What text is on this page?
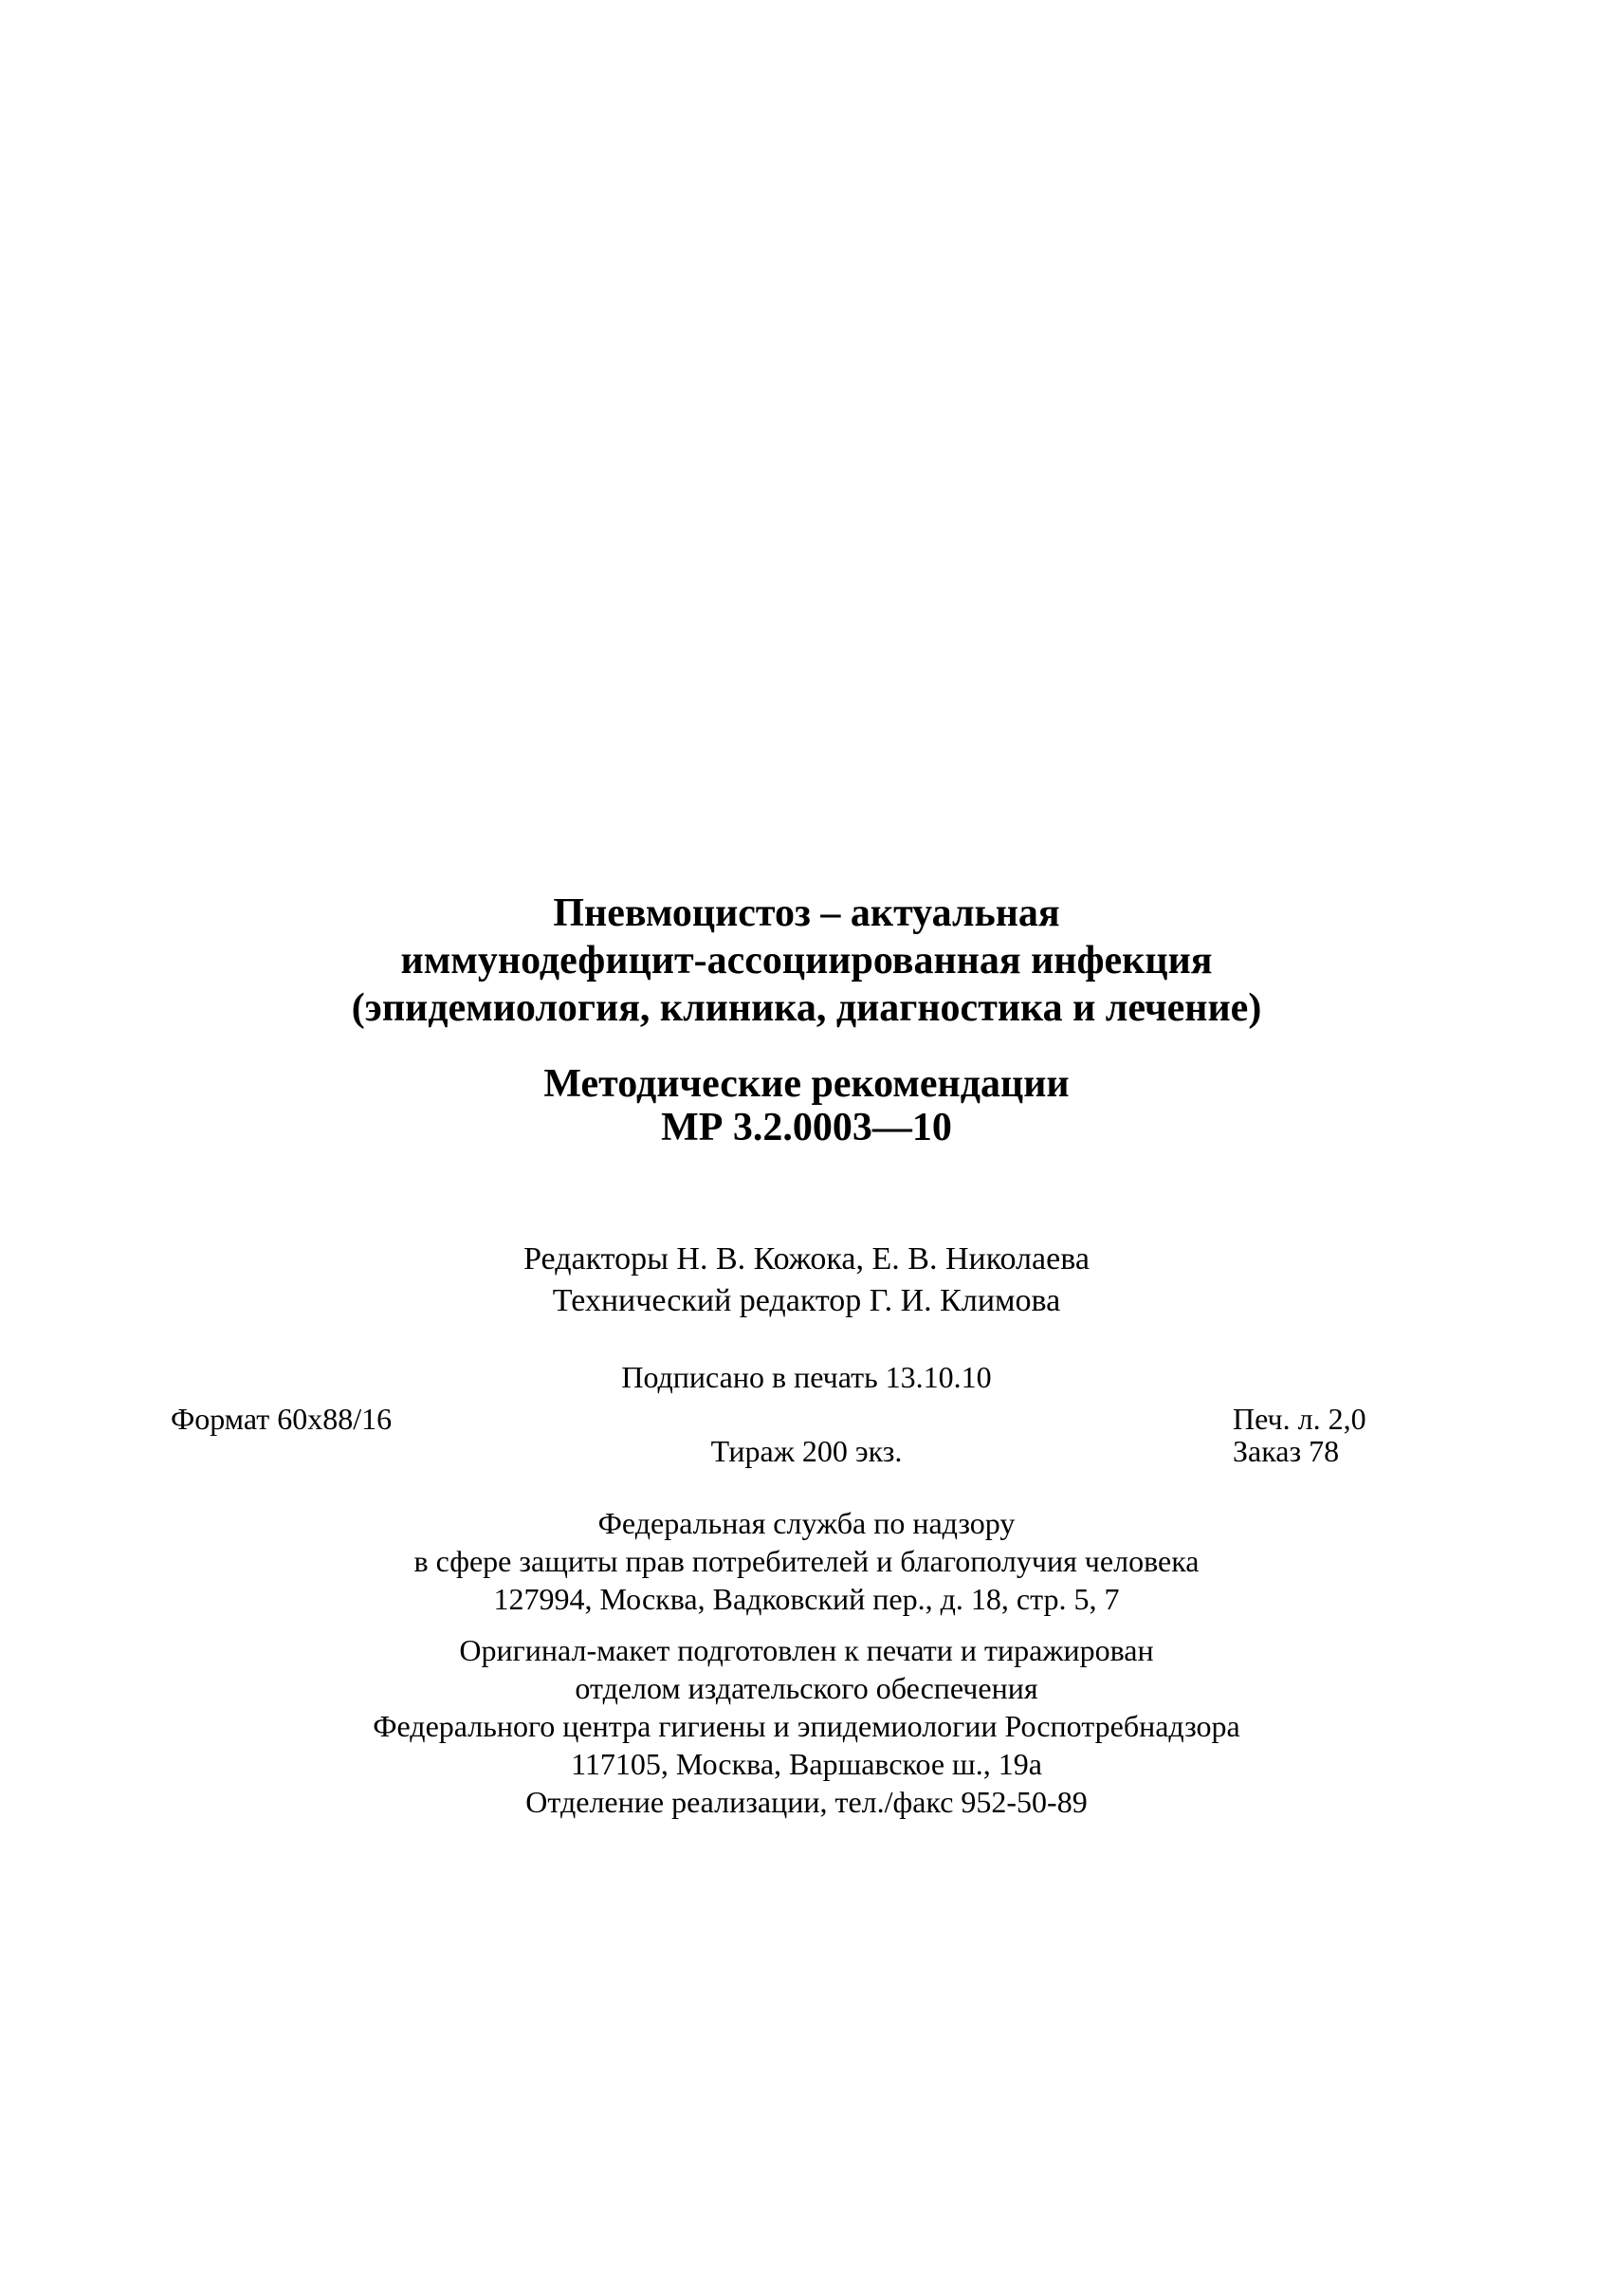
Пневмоцистоз – актуальная
иммунодефицит-ассоциированная инфекция
(эпидемиология, клиника, диагностика и лечение)
Методические рекомендации
МР 3.2.0003—10
Редакторы Н. В. Кожока, Е. В. Николаева
Технический редактор Г. И. Климова
Подписано в печать 13.10.10
Формат 60x88/16	Печ. л. 2,0
Тираж 200 экз.	Заказ 78
Федеральная служба по надзору
в сфере защиты прав потребителей и благополучия человека
127994, Москва, Вадковский пер., д. 18, стр. 5, 7
Оригинал-макет подготовлен к печати и тиражирован
отделом издательского обеспечения
Федерального центра гигиены и эпидемиологии Роспотребнадзора
117105, Москва, Варшавское ш., 19а
Отделение реализации, тел./факс 952-50-89
